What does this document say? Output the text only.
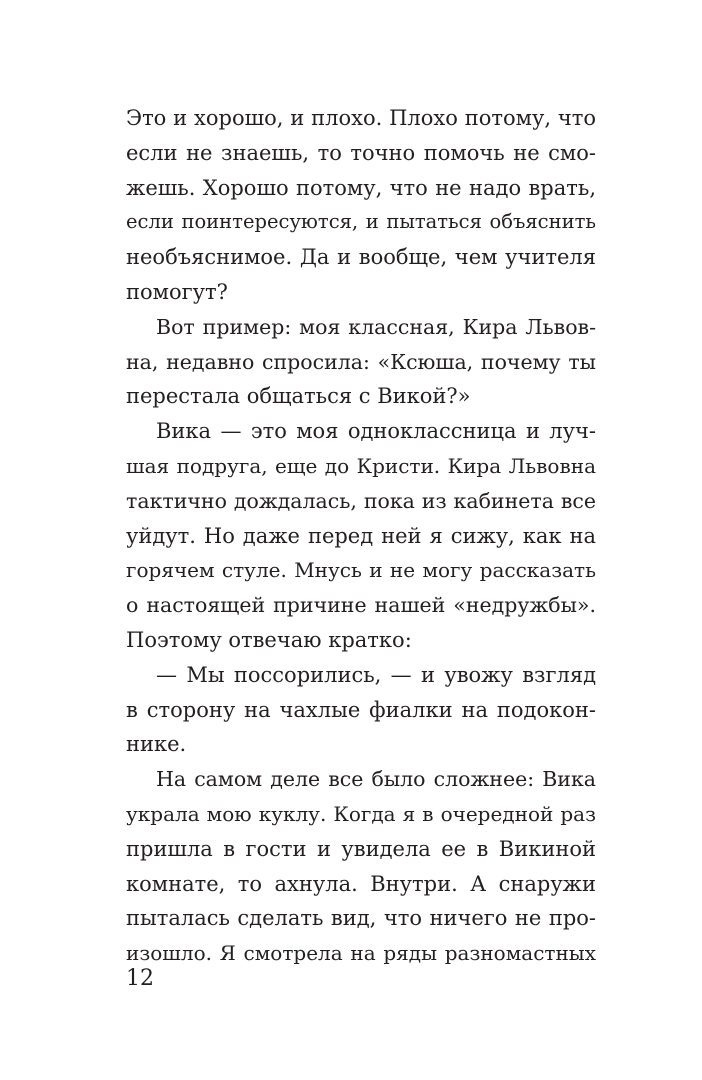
Это и хорошо, и плохо. Плохо потому, что
если не знаешь, то точно помочь не смо-
жешь. Хорошо потому, что не надо врать,
если поинтересуются, и пытаться объяснить
необъяснимое. Да и вообще, чем учителя
помогут?
Вот пример: моя классная, Кира Львов-
на, недавно спросила: «Ксюша, почему ты
перестала общаться с Викой?»
Вика — это моя одноклассница и луч-
шая подруга, еще до Кристи. Кира Львовна
тактично дождалась, пока из кабинета все
уйдут. Но даже перед ней я сижу, как на
горячем стуле. Мнусь и не могу рассказать
о настоящей причине нашей «недружбы».
Поэтому отвечаю кратко:
— Мы поссорились, — и увожу взгляд
в сторону на чахлые фиалки на подокон-
нике.
На самом деле все было сложнее: Вика
украла мою куклу. Когда я в очередной раз
пришла в гости и увидела ее в Викиной
комнате, то ахнула. Внутри. А снаружи
пыталась сделать вид, что ничего не про-
изошло. Я смотрела на ряды разномастных
12
